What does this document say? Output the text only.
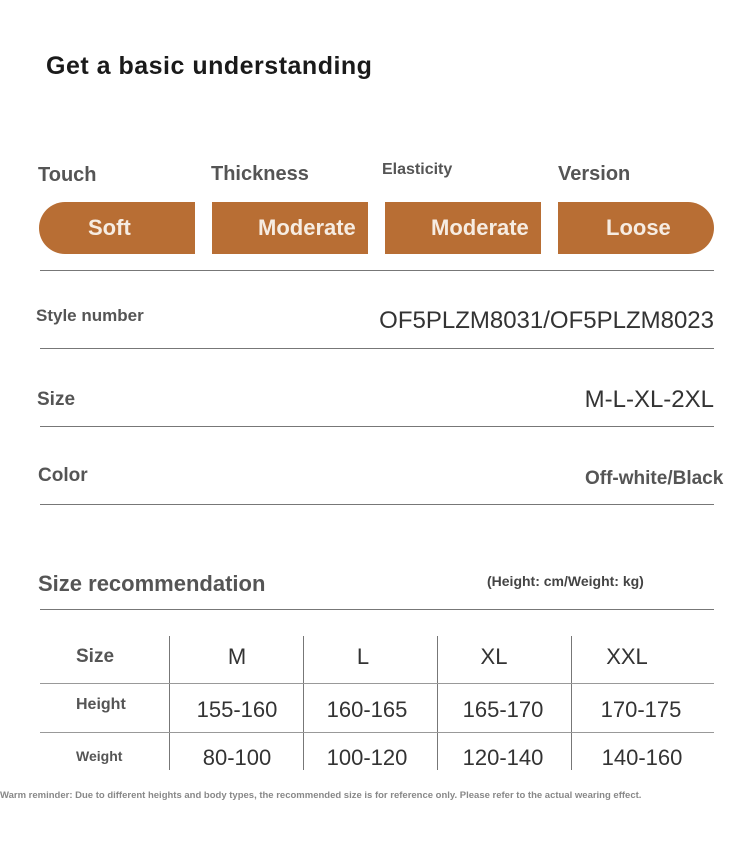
Get a basic understanding
Touch	Thickness	Elasticity	Version
Soft	Moderate	Moderate	Loose
Style number	OF5PLZM8031/OF5PLZM8023
Size	M-L-XL-2XL
Color	Off-white/Black
Size recommendation	(Height: cm/Weight: kg)
Size	M	L	XL	XXL
Height	155-160	160-165	165-170	170-175
Weight	80-100	100-120	120-140	140-160
Warm reminder: Due to different heights and body types, the recommended size is for reference only. Please refer to the actual wearing effect.
